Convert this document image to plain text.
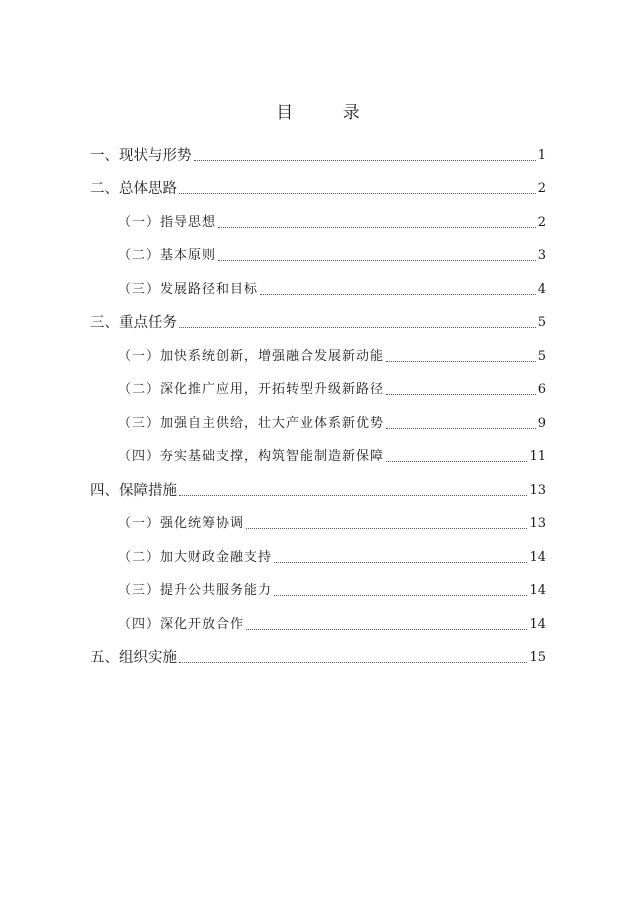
目 录
一、现状与形势	1
二、总体思路	2
（一）指导思想	2
（二）基本原则	3
（三）发展路径和目标	4
三、重点任务	5
（一）加快系统创新，增强融合发展新动能	5
（二）深化推广应用，开拓转型升级新路径	6
（三）加强自主供给，壮大产业体系新优势	9
（四）夯实基础支撑，构筑智能制造新保障	11
四、保障措施	13
（一）强化统筹协调	13
（二）加大财政金融支持	14
（三）提升公共服务能力	14
（四）深化开放合作	14
五、组织实施	15
